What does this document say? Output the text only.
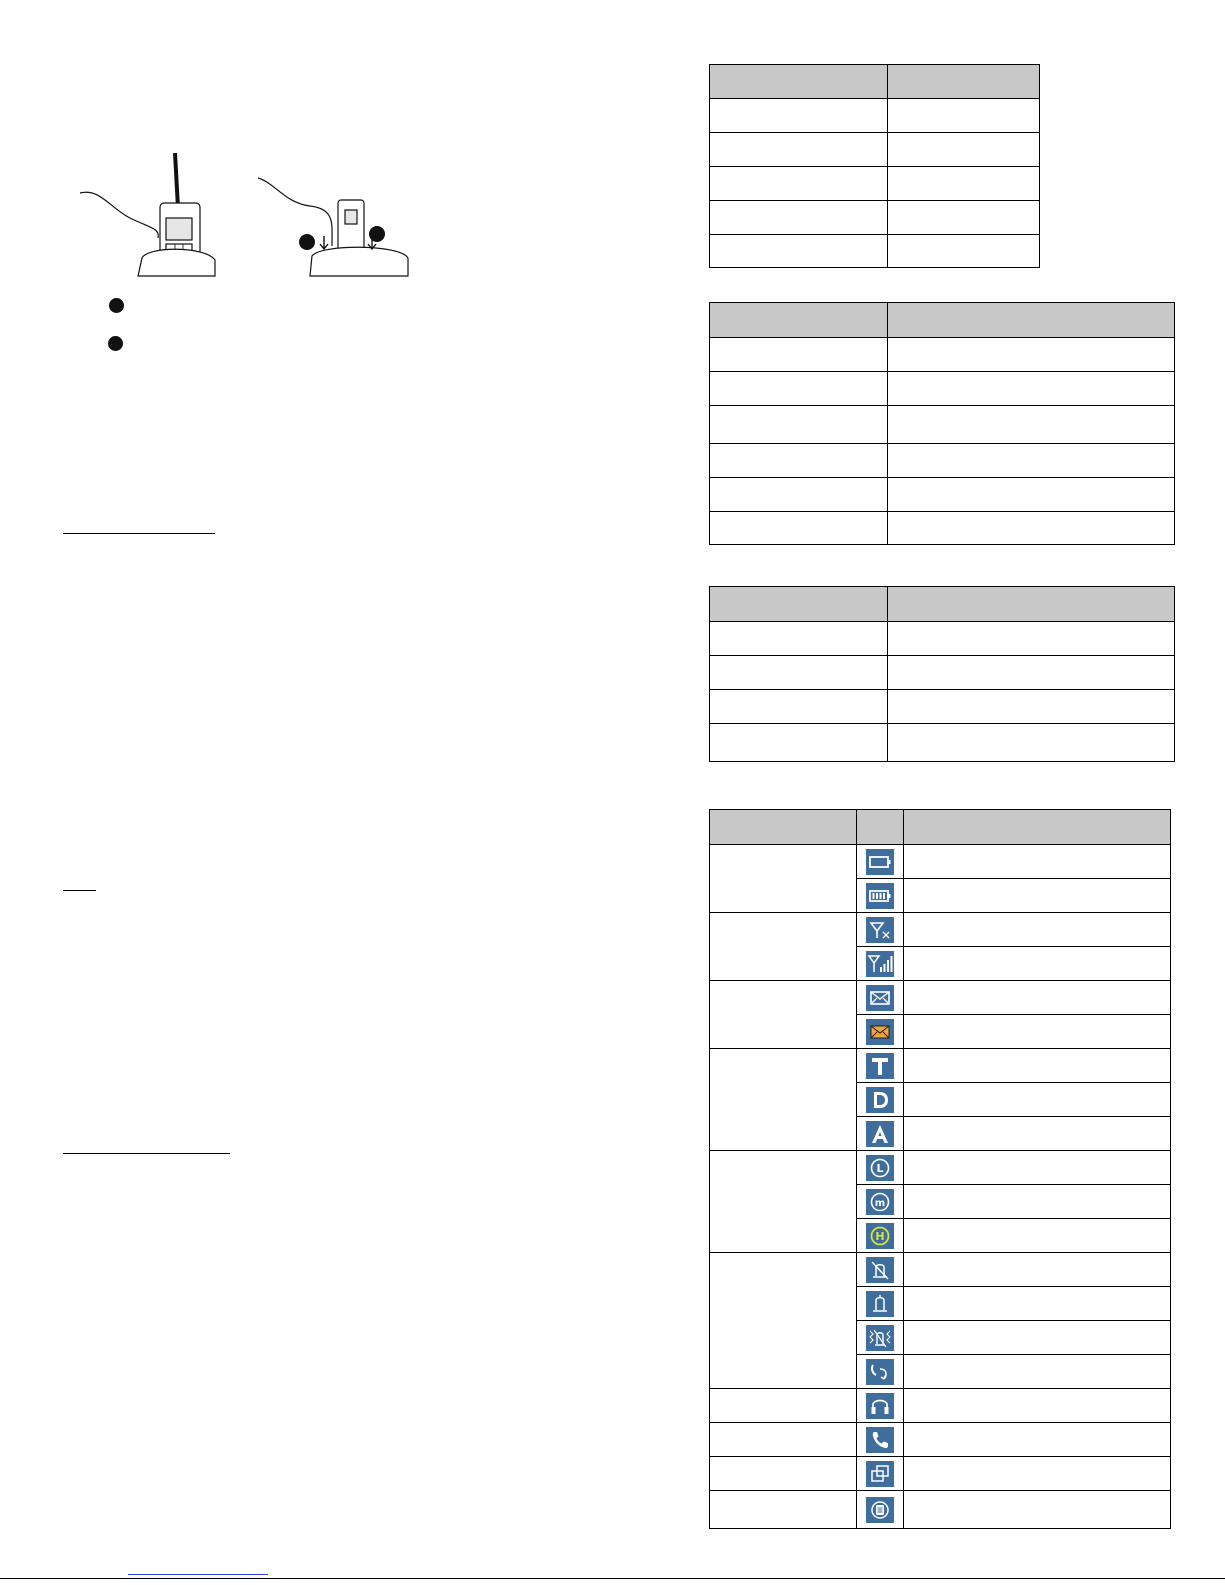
L	

m	

H	
